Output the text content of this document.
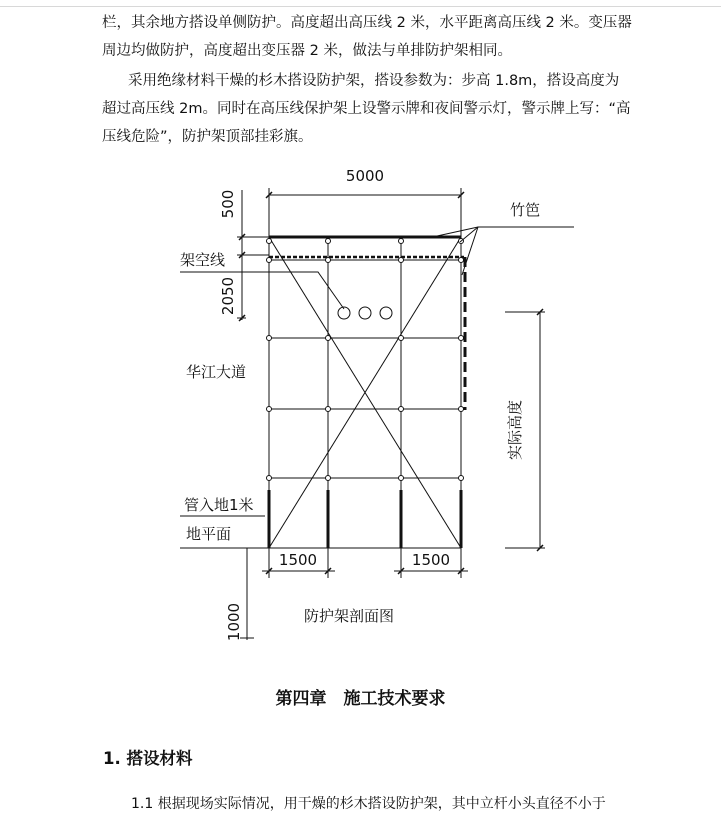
栏，其余地方搭设单侧防护。高度超出高压线 2 米，水平距离高压线 2 米。变压器周边均做防护，高度超出变压器 2 米，做法与单排防护架相同。

采用绝缘材料干燥的杉木搭设防护架，搭设参数为：步高 1.8m，搭设高度为超过高压线 2m。同时在高压线保护架上设警示牌和夜间警示灯，警示牌上写：“高压线危险”，防护架顶部挂彩旗。

5000
竹笆
架空线
华江大道
管入地1米
地平面
1500	1500
防护架剖面图
500
2050
1000
实际高度
第四章　施工技术要求
1. 搭设材料

1.1 根据现场实际情况，用干燥的杉木搭设防护架，其中立杆小头直径不小于
